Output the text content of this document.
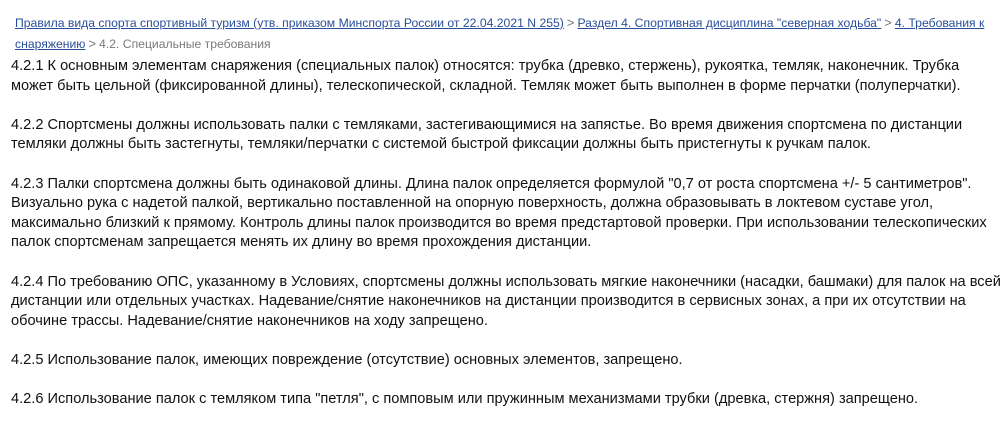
Правила вида спорта спортивный туризм (утв. приказом Минспорта России от 22.04.2021 N 255) > Раздел 4. Спортивная дисциплина "северная ходьба" > 4. Требования к снаряжению > 4.2. Специальные требования

4.2.1 К основным элементам снаряжения (специальных палок) относятся: трубка (древко, стержень), рукоятка, темляк, наконечник. Трубка может быть цельной (фиксированной длины), телескопической, складной. Темляк может быть выполнен в форме перчатки (полуперчатки).

4.2.2 Спортсмены должны использовать палки с темляками, застегивающимися на запястье. Во время движения спортсмена по дистанции темляки должны быть застегнуты, темляки/перчатки с системой быстрой фиксации должны быть пристегнуты к ручкам палок.

4.2.3 Палки спортсмена должны быть одинаковой длины. Длина палок определяется формулой "0,7 от роста спортсмена +/- 5 сантиметров". Визуально рука с надетой палкой, вертикально поставленной на опорную поверхность, должна образовывать в локтевом суставе угол, максимально близкий к прямому. Контроль длины палок производится во время предстартовой проверки. При использовании телескопических палок спортсменам запрещается менять их длину во время прохождения дистанции.

4.2.4 По требованию ОПС, указанному в Условиях, спортсмены должны использовать мягкие наконечники (насадки, башмаки) для палок на всей дистанции или отдельных участках. Надевание/снятие наконечников на дистанции производится в сервисных зонах, а при их отсутствии на обочине трассы. Надевание/снятие наконечников на ходу запрещено.

4.2.5 Использование палок, имеющих повреждение (отсутствие) основных элементов, запрещено.

4.2.6 Использование палок с темляком типа "петля", с помповым или пружинным механизмами трубки (древка, стержня) запрещено.
